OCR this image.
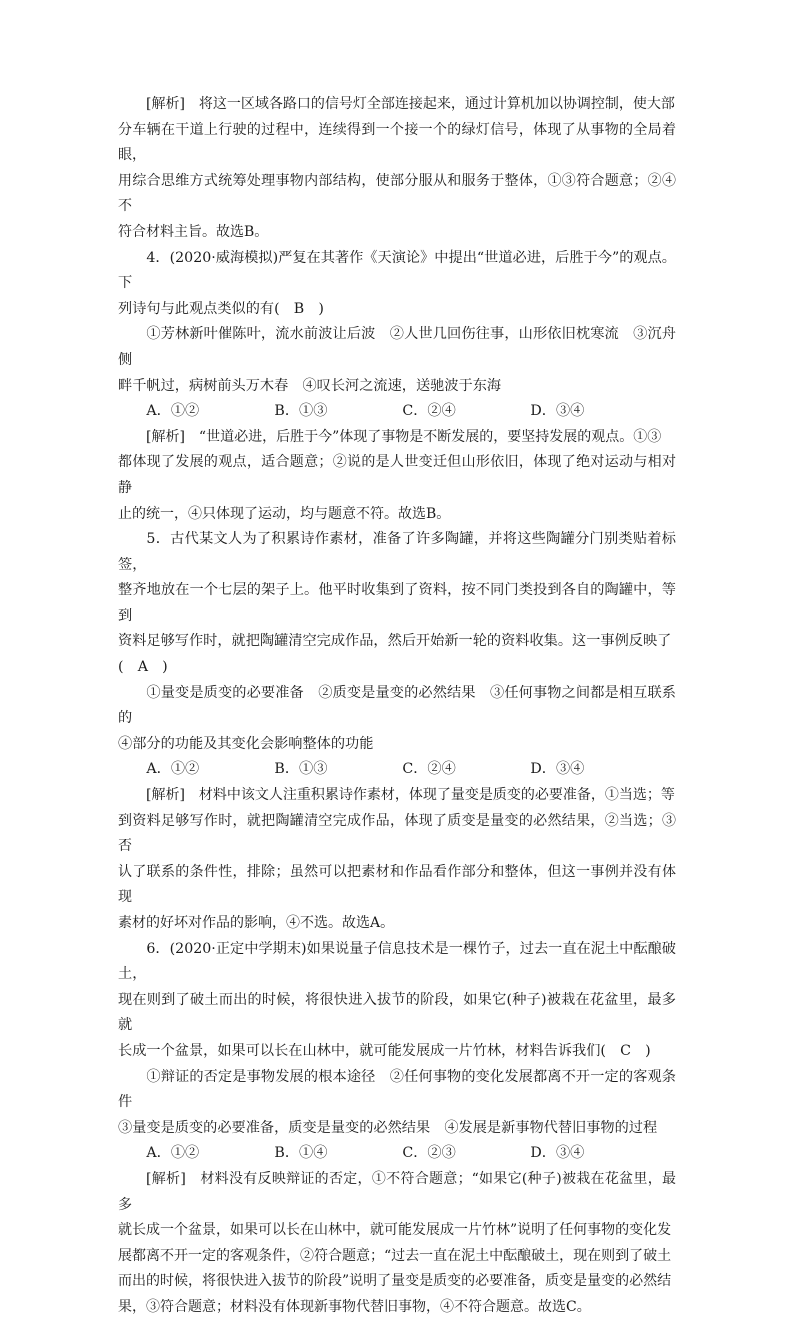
[解析]　将这一区域各路口的信号灯全部连接起来，通过计算机加以协调控制，使大部

分车辆在干道上行驶的过程中，连续得到一个接一个的绿灯信号，体现了从事物的全局着眼，

用综合思维方式统筹处理事物内部结构，使部分服从和服务于整体，①③符合题意；②④不

符合材料主旨。故选B。

4．(2020·威海模拟)严复在其著作《天演论》中提出“世道必进，后胜于今”的观点。下

列诗句与此观点类似的有(　B　)

①芳林新叶催陈叶，流水前波让后波　②人世几回伤往事，山形依旧枕寒流　③沉舟侧

畔千帆过，病树前头万木春　④叹长河之流速，送驰波于东海

A．①②	B．①③	C．②④	D．③④

[解析]　“世道必进，后胜于今”体现了事物是不断发展的，要坚持发展的观点。①③

都体现了发展的观点，适合题意；②说的是人世变迁但山形依旧，体现了绝对运动与相对静

止的统一，④只体现了运动，均与题意不符。故选B。

5．古代某文人为了积累诗作素材，准备了许多陶罐，并将这些陶罐分门别类贴着标签，

整齐地放在一个七层的架子上。他平时收集到了资料，按不同门类投到各自的陶罐中，等到

资料足够写作时，就把陶罐清空完成作品，然后开始新一轮的资料收集。这一事例反映了

(　A　)

①量变是质变的必要准备　②质变是量变的必然结果　③任何事物之间都是相互联系的

④部分的功能及其变化会影响整体的功能

A．①②	B．①③	C．②④	D．③④

[解析]　材料中该文人注重积累诗作素材，体现了量变是质变的必要准备，①当选；等

到资料足够写作时，就把陶罐清空完成作品，体现了质变是量变的必然结果，②当选；③否

认了联系的条件性，排除；虽然可以把素材和作品看作部分和整体，但这一事例并没有体现

素材的好坏对作品的影响，④不选。故选A。

6．(2020·正定中学期末)如果说量子信息技术是一棵竹子，过去一直在泥土中酝酿破土，

现在则到了破土而出的时候，将很快进入拔节的阶段，如果它(种子)被栽在花盆里，最多就

长成一个盆景，如果可以长在山林中，就可能发展成一片竹林，材料告诉我们(　C　)

①辩证的否定是事物发展的根本途径　②任何事物的变化发展都离不开一定的客观条件

③量变是质变的必要准备，质变是量变的必然结果　④发展是新事物代替旧事物的过程

A．①②	B．①④	C．②③	D．③④

[解析]　材料没有反映辩证的否定，①不符合题意；“如果它(种子)被栽在花盆里，最多

就长成一个盆景，如果可以长在山林中，就可能发展成一片竹林”说明了任何事物的变化发

展都离不开一定的客观条件，②符合题意；“过去一直在泥土中酝酿破土，现在则到了破土

而出的时候，将很快进入拔节的阶段”说明了量变是质变的必要准备，质变是量变的必然结

果，③符合题意；材料没有体现新事物代替旧事物，④不符合题意。故选C。
